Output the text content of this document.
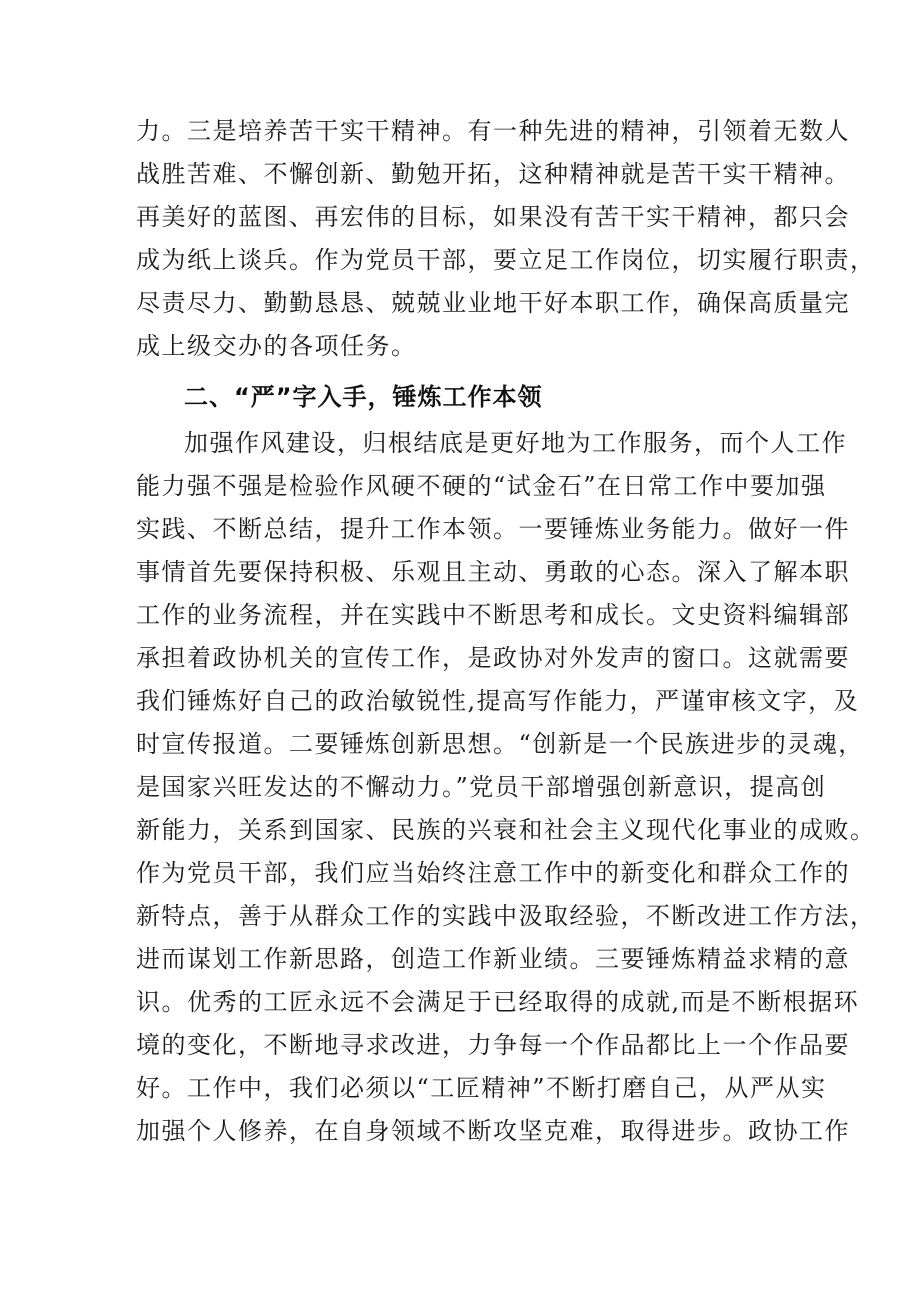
力。三是培养苦干实干精神。有一种先进的精神，引领着无数人
战胜苦难、不懈创新、勤勉开拓，这种精神就是苦干实干精神。
再美好的蓝图、再宏伟的目标，如果没有苦干实干精神，都只会
成为纸上谈兵。作为党员干部，要立足工作岗位，切实履行职责，
尽责尽力、勤勤恳恳、兢兢业业地干好本职工作，确保高质量完
成上级交办的各项任务。
二、“严”字入手，锤炼工作本领
加强作风建设，归根结底是更好地为工作服务，而个人工作
能力强不强是检验作风硬不硬的“试金石”在日常工作中要加强
实践、不断总结，提升工作本领。一要锤炼业务能力。做好一件
事情首先要保持积极、乐观且主动、勇敢的心态。深入了解本职
工作的业务流程，并在实践中不断思考和成长。文史资料编辑部
承担着政协机关的宣传工作，是政协对外发声的窗口。这就需要
我们锤炼好自己的政治敏锐性,提高写作能力，严谨审核文字，及
时宣传报道。二要锤炼创新思想。“创新是一个民族进步的灵魂，
是国家兴旺发达的不懈动力。”党员干部增强创新意识，提高创
新能力，关系到国家、民族的兴衰和社会主义现代化事业的成败。
作为党员干部，我们应当始终注意工作中的新变化和群众工作的
新特点，善于从群众工作的实践中汲取经验，不断改进工作方法，
进而谋划工作新思路，创造工作新业绩。三要锤炼精益求精的意
识。优秀的工匠永远不会满足于已经取得的成就,而是不断根据环
境的变化，不断地寻求改进，力争每一个作品都比上一个作品要
好。工作中，我们必须以“工匠精神”不断打磨自己，从严从实
加强个人修养，在自身领域不断攻坚克难，取得进步。政协工作
